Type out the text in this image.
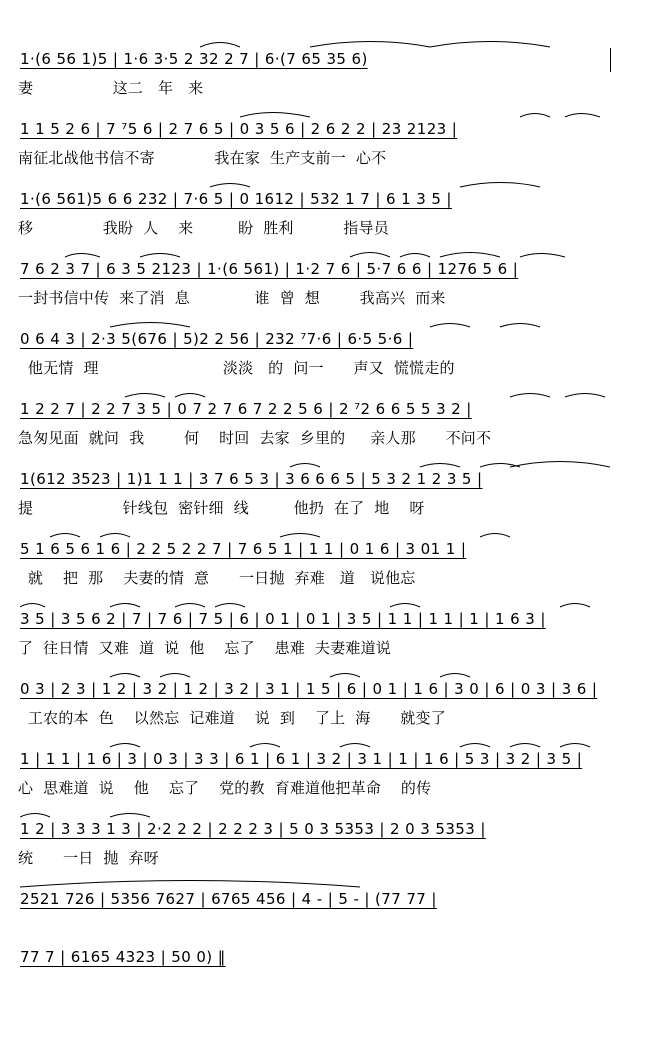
1·(6 56 1)5 | 1·6 3·5 2 32 2 7 | 6·(7 65 35 6)
妻                这二   年   来
1 1 5 2 6 | 7 ⁷5 6 | 2 7 6 5 | 0 3 5 6 | 2 6 2 2 | 23 2123 |
南征北战他书信不寄            我在家  生产支前一  心不
1·(6 561)5 6 6 232 | 7·6 5 | 0 1612 | 532 1 7 | 6 1 3 5 |
移              我盼  人    来         盼  胜利          指导员
7 6 2 3 7 | 6 3 5 2123 | 1·(6 561) | 1·2 7 6 | 5·7 6 6 | 1276 5 6 |
一封书信中传  来了消  息             谁  曾  想        我高兴  而来
0 6 4 3 | 2·3 5(676 | 5)2 2 56 | 232 ⁷7·6 | 6·5 5·6 |
他无情  理                         淡淡   的  问一      声又  慌慌走的
1 2 2 7 | 2 2 7 3 5 | 0 7 2 7 6 7 2 2 5 6 | 2 ⁷2 6 6 5 5 3 2 |
急匆见面  就问  我        何    时回  去家  乡里的     亲人那      不问不
1(612 3523 | 1)1 1 1 | 3 7 6 5 3 | 3 6 6 6 5 | 5 3 2 1 2 3 5 |
提                  针线包  密针细  线         他扔  在了  地    呀
5 1 6 5 6 1 6 | 2 2 5 2 2 7 | 7 6 5 1 | 1 1 | 0 1 6 | 3 01 1 |
就    把  那    夫妻的情  意      一日抛  弃难   道   说他忘
3 5 | 3 5 6 2 | 7 | 7 6 | 7 5 | 6 | 0 1 | 0 1 | 3 5 | 1 1 | 1 1 | 1 | 1 6 3 |
了  往日情  又难  道  说  他    忘了    患难  夫妻难道说
0 3 | 2 3 | 1 2 | 3 2 | 1 2 | 3 2 | 3 1 | 1 5 | 6 | 0 1 | 1 6 | 3 0 | 6 | 0 3 | 3 6 |
工农的本  色    以然忘  记难道    说  到    了上  海      就变了
1 | 1 1 | 1 6 | 3 | 0 3 | 3 3 | 6 1 | 6 1 | 3 2 | 3 1 | 1 | 1 6 | 5 3 | 3 2 | 3 5 |
心  思难道  说    他    忘了    党的教  育难道他把革命    的传
1 2 | 3 3 3 1 3 | 2·2 2 2 | 2 2 2 3 | 5 0 3 5353 | 2 0 3 5353 |
统      一日  抛  弃呀
2521 726 | 5356 7627 | 6765 456 | 4 - | 5 - | (77 77 |
77 7 | 6165 4323 | 50 0) ‖
